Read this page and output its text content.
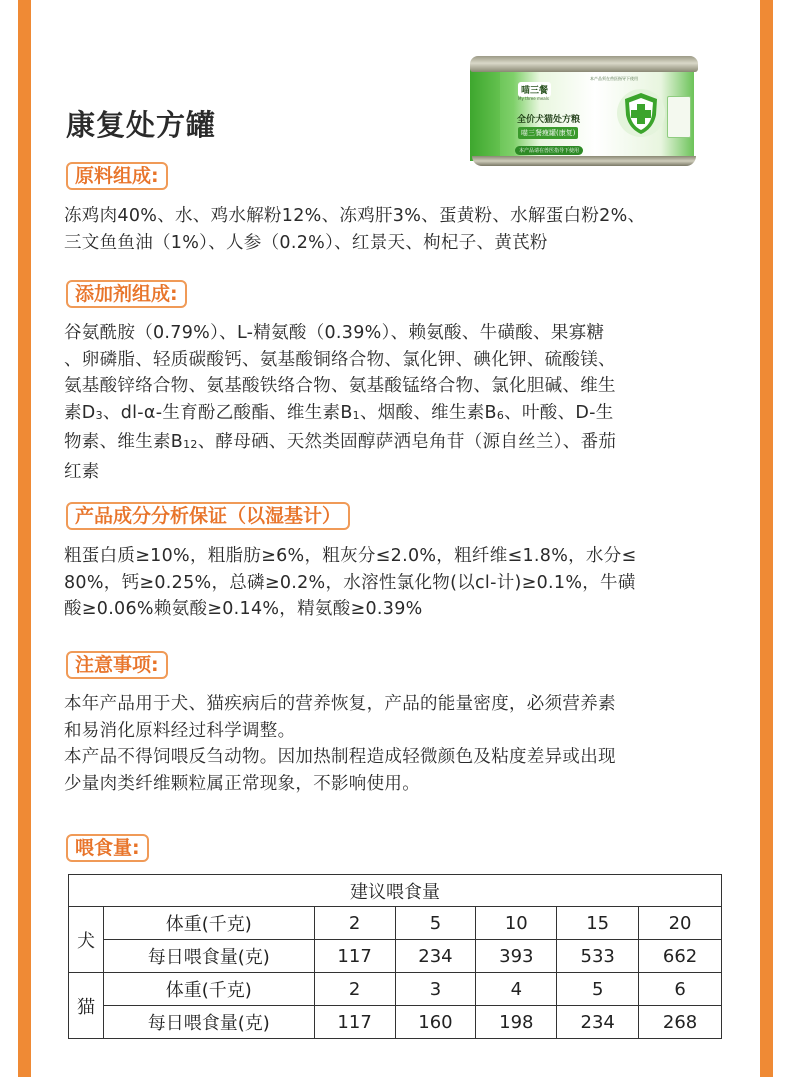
康复处方罐
喵三餐
My three meals
本产品须在兽医指导下使用
全价犬猫处方粮
喵三餐瘦罐(康复)
本产品请在兽医指导下使用
原料组成:
冻鸡肉40%、水、鸡水解粉12%、冻鸡肝3%、蛋黄粉、水解蛋白粉2%、
三文鱼鱼油（1%）、人参（0.2%）、红景天、枸杞子、黄芪粉
添加剂组成:
谷氨酰胺（0.79%）、L-精氨酸（0.39%）、赖氨酸、牛磺酸、果寡糖
、卵磷脂、轻质碳酸钙、氨基酸铜络合物、氯化钾、碘化钾、硫酸镁、
氨基酸锌络合物、氨基酸铁络合物、氨基酸锰络合物、氯化胆碱、维生
素$D_3$、dl-α-生育酚乙酸酯、维生素$B_1$、烟酸、维生素$B_6$、叶酸、D-生
物素、维生素$B_{12}$、酵母硒、天然类固醇萨洒皂角苷（源自丝兰）、番茄
红素
产品成分分析保证（以湿基计）
粗蛋白质≥10%，粗脂肪≥6%，粗灰分≤2.0%，粗纤维≤1.8%，水分≤
80%，钙≥0.25%，总磷≥0.2%，水溶性氯化物(以cl-计)≥0.1%，牛磺
酸≥0.06%赖氨酸≥0.14%，精氨酸≥0.39%
注意事项:
本年产品用于犬、猫疾病后的营养恢复，产品的能量密度，必须营养素
和易消化原料经过科学调整。
本产品不得饲喂反刍动物。因加热制程造成轻微颜色及粘度差异或出现
少量肉类纤维颗粒属正常现象，不影响使用。
喂食量:
建议喂食量						
犬	体重(千克)	2	5	10	15	20
	每日喂食量(克)	117	234	393	533	662
猫	体重(千克)	2	3	4	5	6
	每日喂食量(克)	117	160	198	234	268
